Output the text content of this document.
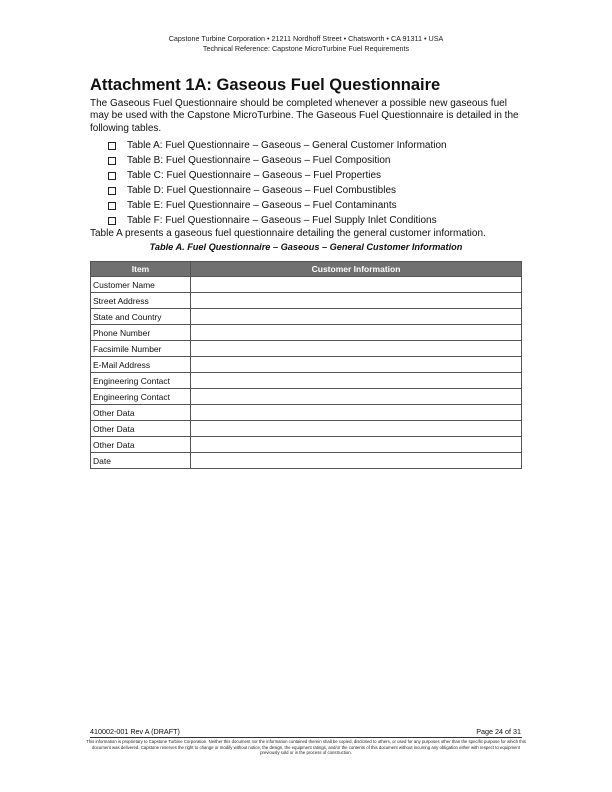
Capstone Turbine Corporation • 21211 Nordhoff Street • Chatsworth • CA 91311 • USA
Technical Reference: Capstone MicroTurbine Fuel Requirements
Attachment 1A: Gaseous Fuel Questionnaire

The Gaseous Fuel Questionnaire should be completed whenever a possible new gaseous fuel may be used with the Capstone MicroTurbine. The Gaseous Fuel Questionnaire is detailed in the following tables.

Table A: Fuel Questionnaire – Gaseous – General Customer Information
Table B: Fuel Questionnaire – Gaseous – Fuel Composition
Table C: Fuel Questionnaire – Gaseous – Fuel Properties
Table D: Fuel Questionnaire – Gaseous – Fuel Combustibles
Table E: Fuel Questionnaire – Gaseous – Fuel Contaminants
Table F: Fuel Questionnaire – Gaseous – Fuel Supply Inlet Conditions

Table A presents a gaseous fuel questionnaire detailing the general customer information.

Table A. Fuel Questionnaire – Gaseous – General Customer Information

Item	Customer Information
Customer Name	
Street Address	
State and Country	
Phone Number	
Facsimile Number	
E-Mail Address	
Engineering Contact	
Engineering Contact	
Other Data	
Other Data	
Other Data	
Date	
410002-001 Rev A (DRAFT)	Page 24 of 31

This information is proprietary to Capstone Turbine Corporation. Neither this document nor the information contained therein shall be copied, disclosed to others, or used for any purposes other than the specific purpose for which this document was delivered. Capstone reserves the right to change or modify without notice, the design, the equipment ratings, and/or the contents of this document without incurring any obligation either with respect to equipment previously sold or in the process of construction.
